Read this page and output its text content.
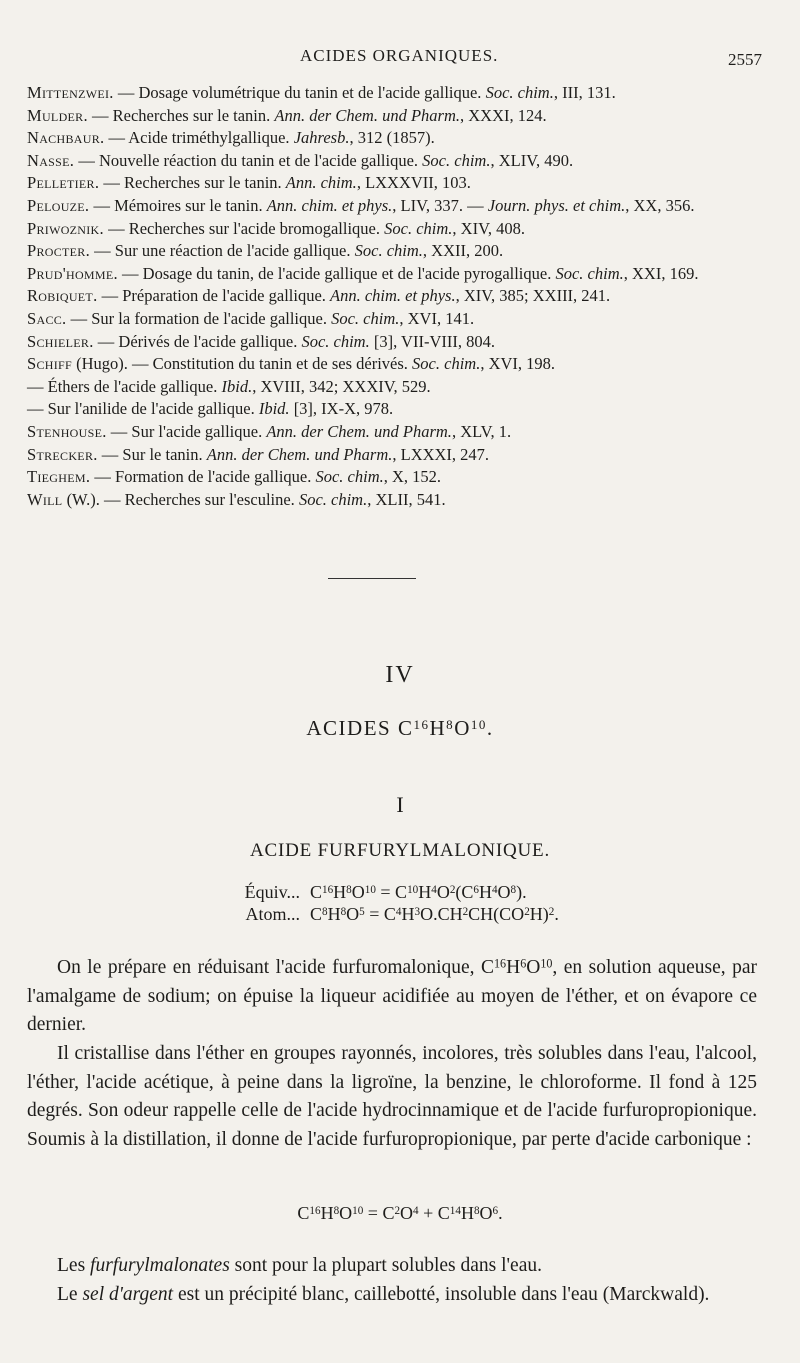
ACIDES ORGANIQUES.	2557

Mittenzwei. — Dosage volumétrique du tanin et de l'acide gallique. Soc. chim., III, 131.

Mulder. — Recherches sur le tanin. Ann. der Chem. und Pharm., XXXI, 124.

Nachbaur. — Acide triméthylgallique. Jahresb., 312 (1857).

Nasse. — Nouvelle réaction du tanin et de l'acide gallique. Soc. chim., XLIV, 490.

Pelletier. — Recherches sur le tanin. Ann. chim., LXXXVII, 103.

Pelouze. — Mémoires sur le tanin. Ann. chim. et phys., LIV, 337. — Journ. phys. et chim., XX, 356.

Priwoznik. — Recherches sur l'acide bromogallique. Soc. chim., XIV, 408.

Procter. — Sur une réaction de l'acide gallique. Soc. chim., XXII, 200.

Prud'homme. — Dosage du tanin, de l'acide gallique et de l'acide pyrogallique. Soc. chim., XXI, 169.

Robiquet. — Préparation de l'acide gallique. Ann. chim. et phys., XIV, 385; XXIII, 241.

Sacc. — Sur la formation de l'acide gallique. Soc. chim., XVI, 141.

Schieler. — Dérivés de l'acide gallique. Soc. chim. [3], VII-VIII, 804.

Schiff (Hugo). — Constitution du tanin et de ses dérivés. Soc. chim., XVI, 198.

— Éthers de l'acide gallique. Ibid., XVIII, 342; XXXIV, 529.

— Sur l'anilide de l'acide gallique. Ibid. [3], IX-X, 978.

Stenhouse. — Sur l'acide gallique. Ann. der Chem. und Pharm., XLV, 1.

Strecker. — Sur le tanin. Ann. der Chem. und Pharm., LXXXI, 247.

Tieghem. — Formation de l'acide gallique. Soc. chim., X, 152.

Will (W.). — Recherches sur l'esculine. Soc. chim., XLII, 541.

IV
ACIDES $C^{16}H^8O^{10}$.
I
ACIDE FURFURYLMALONIQUE.
Équiv... $C^{16}H^8O^{10} = C^{10}H^4O^2(C^6H^4O^8)$.
Atom... $C^8H^8O^5 = C^4H^3O.CH^2CH(CO^2H)^2$.

On le prépare en réduisant l'acide furfuromalonique, $C^{16}H^6O^{10}$, en solution aqueuse, par l'amalgame de sodium; on épuise la liqueur acidifiée au moyen de l'éther, et on évapore ce dernier.

Il cristallise dans l'éther en groupes rayonnés, incolores, très solubles dans l'eau, l'alcool, l'éther, l'acide acétique, à peine dans la ligroïne, la benzine, le chloroforme. Il fond à 125 degrés. Son odeur rappelle celle de l'acide hydrocinnamique et de l'acide furfuropropionique. Soumis à la distillation, il donne de l'acide furfuropropionique, par perte d'acide carbonique :

$C^{16}H^8O^{10} = C^2O^4 + C^{14}H^8O^6$.

Les furfurylmalonates sont pour la plupart solubles dans l'eau.

Le sel d'argent est un précipité blanc, caillebotté, insoluble dans l'eau (Marckwald).
